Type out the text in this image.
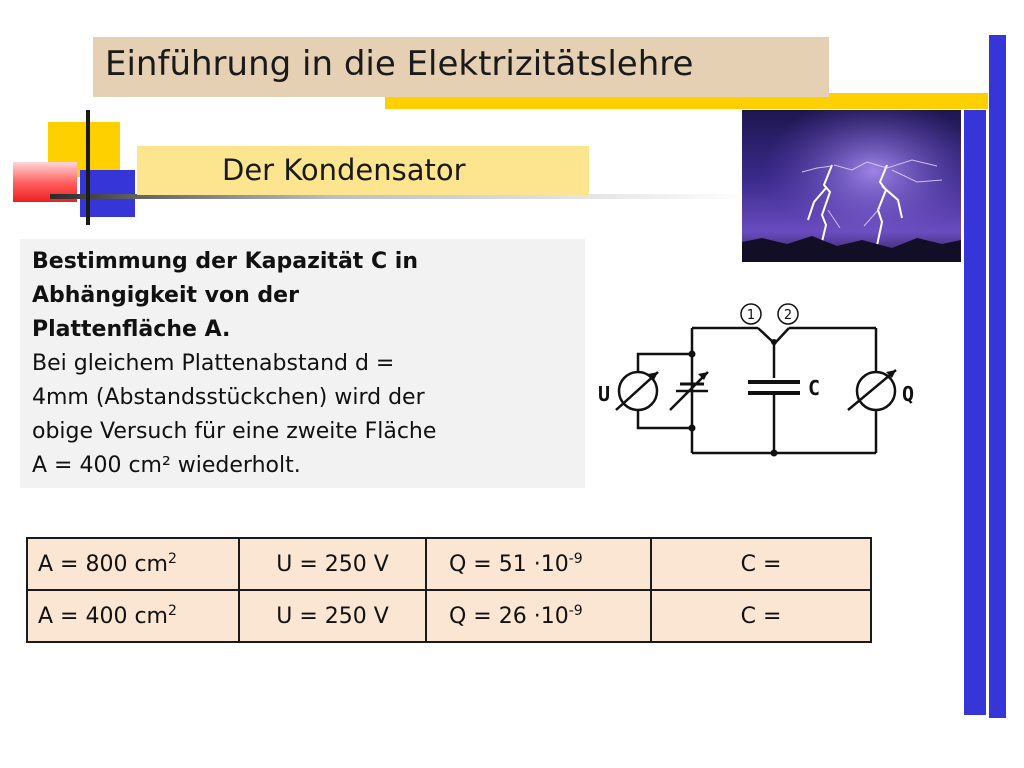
Einführung in die Elektrizitätslehre
Der Kondensator
Bestimmung der Kapazität C in
Abhängigkeit von der
Plattenfläche A.
Bei gleichem Plattenabstand d =
4mm (Abstandsstückchen) wird der
obige Versuch für eine zweite Fläche
A = 400 cm² wiederholt.
1 2
U	C	Q
A = 800 $cm^2$	U = 250 V	$Q = 51 \cdot 10^{-9}$	C =
A = 400 $cm^2$	U = 250 V	$Q = 26 \cdot 10^{-9}$	C =
